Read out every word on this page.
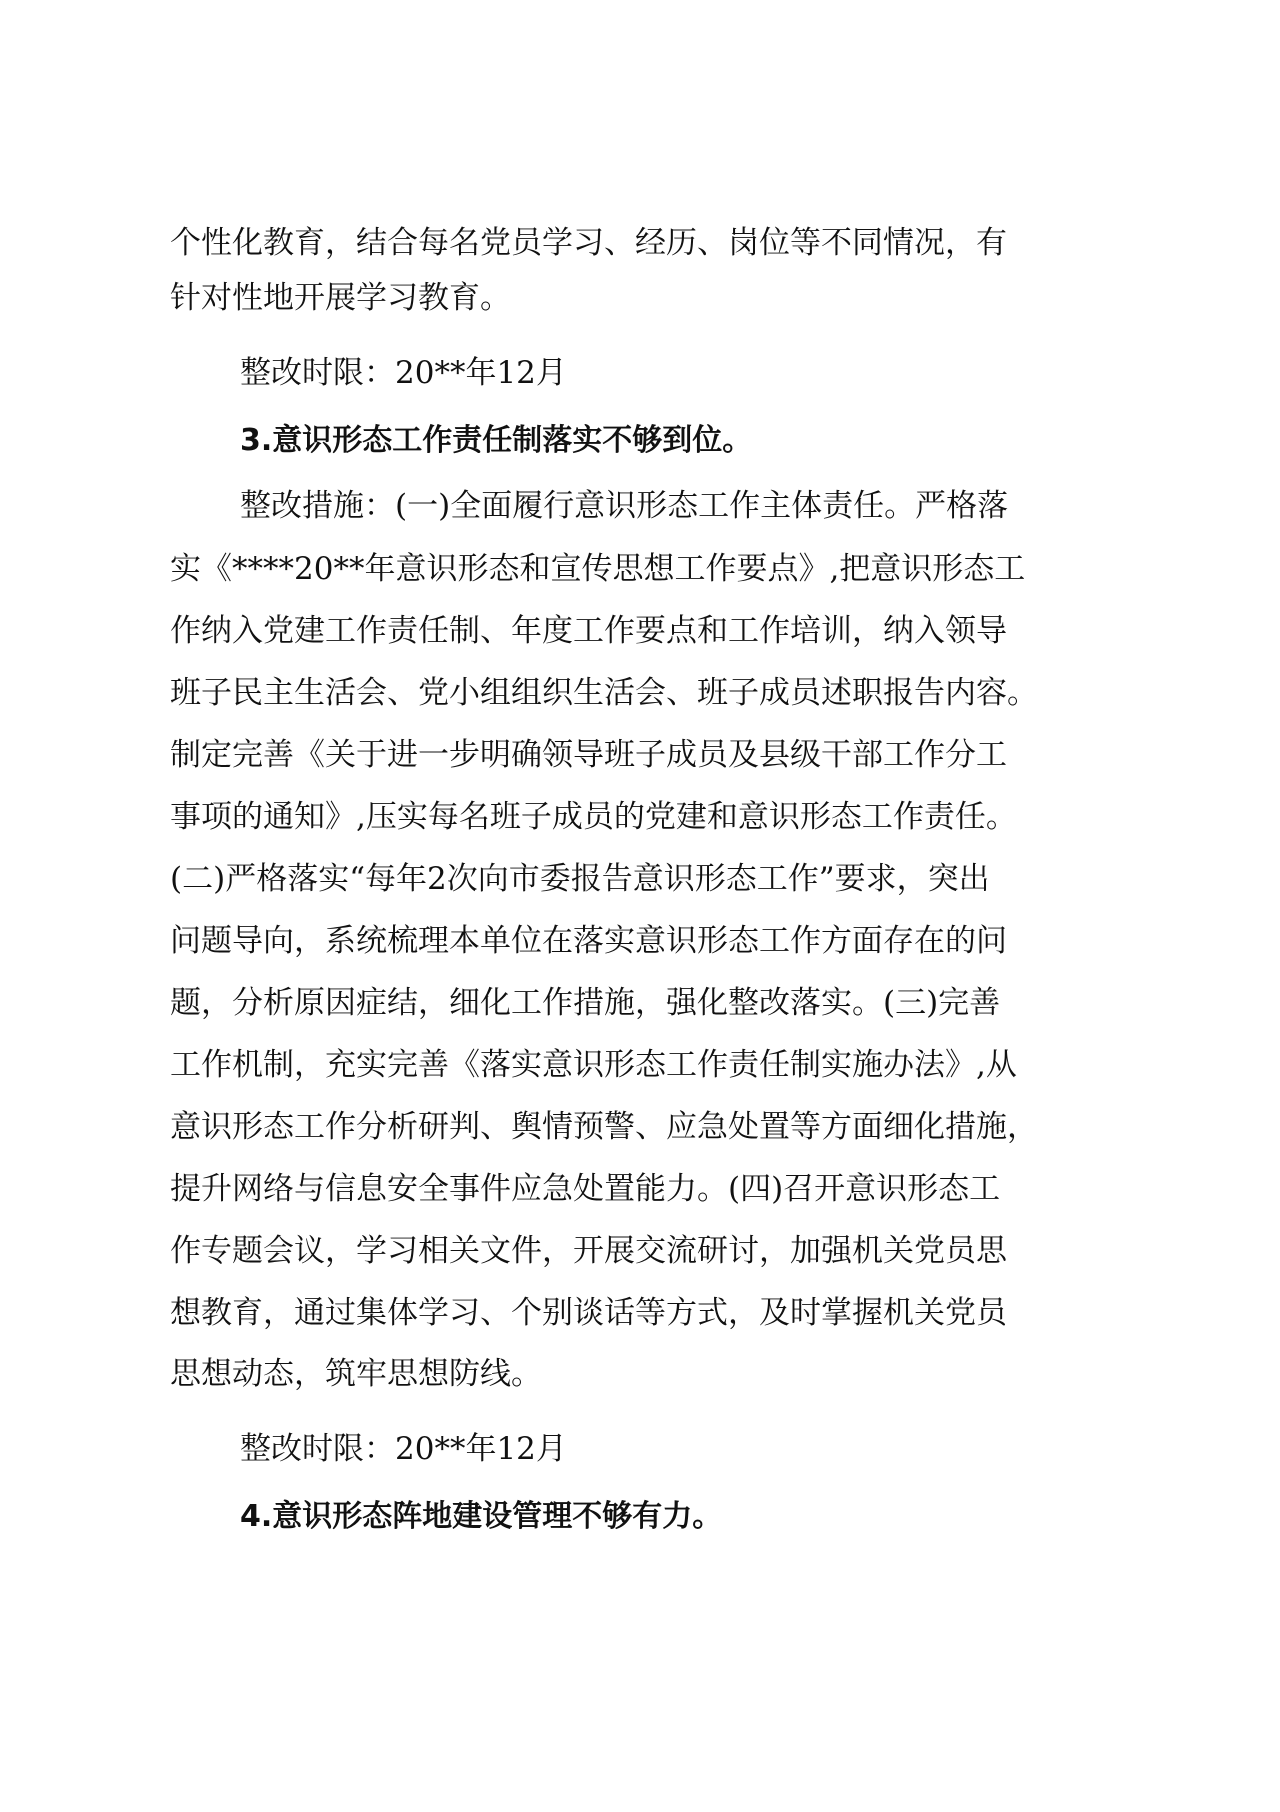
个性化教育，结合每名党员学习、经历、岗位等不同情况，有
针对性地开展学习教育。
整改时限：20**年12月
3.意识形态工作责任制落实不够到位。
整改措施：(一)全面履行意识形态工作主体责任。严格落
实《****20**年意识形态和宣传思想工作要点》,把意识形态工
作纳入党建工作责任制、年度工作要点和工作培训，纳入领导
班子民主生活会、党小组组织生活会、班子成员述职报告内容。
制定完善《关于进一步明确领导班子成员及县级干部工作分工
事项的通知》,压实每名班子成员的党建和意识形态工作责任。
(二)严格落实“每年2次向市委报告意识形态工作”要求，突出
问题导向，系统梳理本单位在落实意识形态工作方面存在的问
题，分析原因症结，细化工作措施，强化整改落实。(三)完善
工作机制，充实完善《落实意识形态工作责任制实施办法》,从
意识形态工作分析研判、舆情预警、应急处置等方面细化措施，
提升网络与信息安全事件应急处置能力。(四)召开意识形态工
作专题会议，学习相关文件，开展交流研讨，加强机关党员思
想教育，通过集体学习、个别谈话等方式，及时掌握机关党员
思想动态，筑牢思想防线。
整改时限：20**年12月
4.意识形态阵地建设管理不够有力。
